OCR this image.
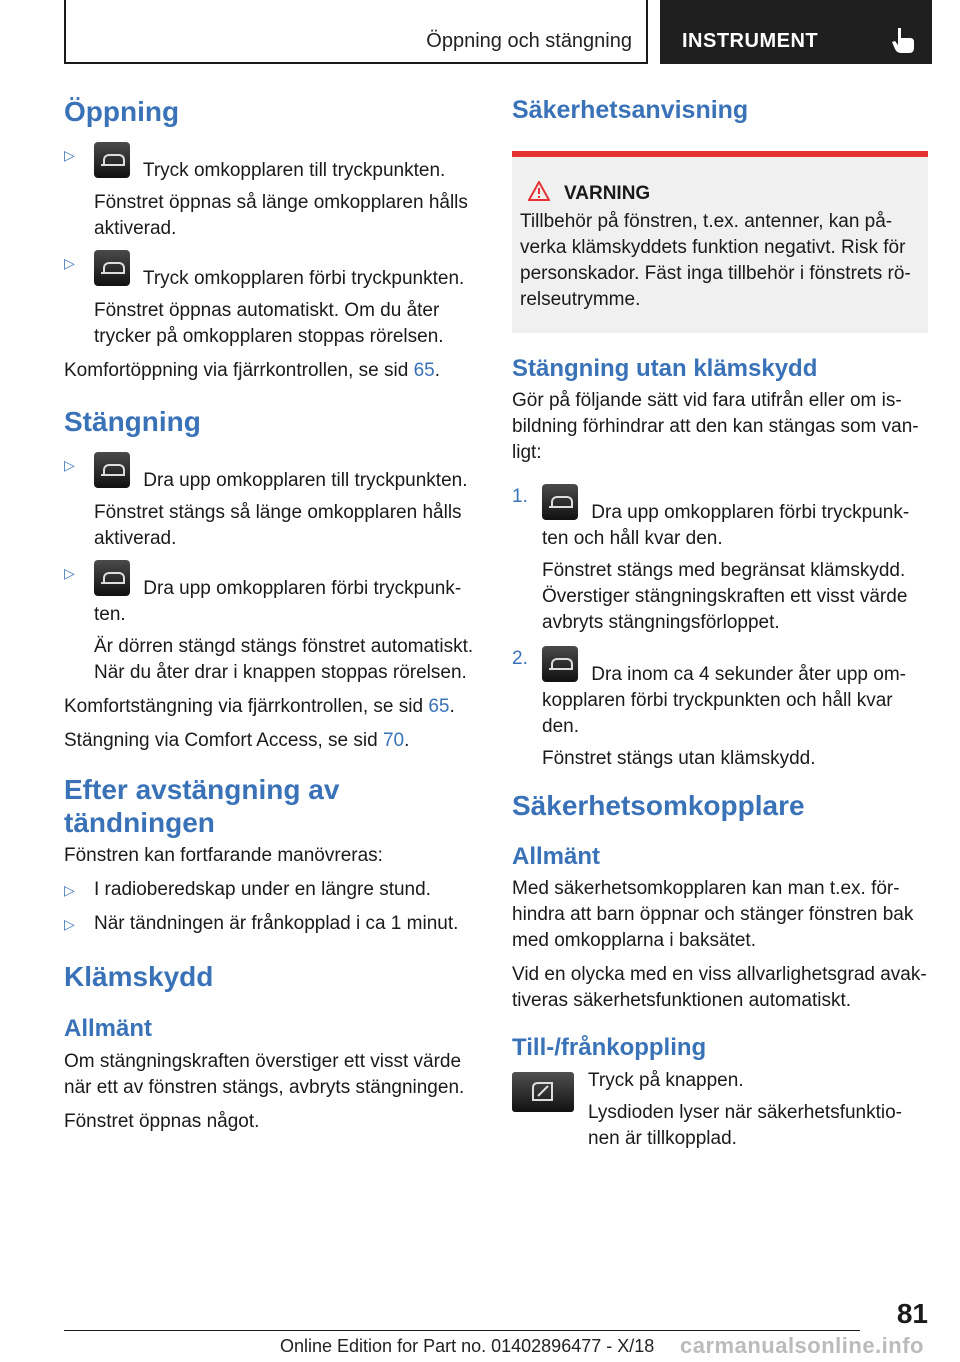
Öppning och stängning	INSTRUMENT
Öppning
▷

Tryck omkopplaren till tryckpunkten.

Fönstret öppnas så länge omkopplaren hålls aktiverad.

▷

Tryck omkopplaren förbi tryckpunkten.

Fönstret öppnas automatiskt. Om du åter trycker på omkopplaren stoppas rörelsen.

Komfortöppning via fjärrkontrollen, se sid 65.

Stängning
▷

Dra upp omkopplaren till tryckpunkten.

Fönstret stängs så länge omkopplaren hålls aktiverad.

▷

Dra upp omkopplaren förbi tryckpunk-ten.

Är dörren stängd stängs fönstret automatiskt. När du åter drar i knappen stoppas rörelsen.

Komfortstängning via fjärrkontrollen, se sid 65.

Stängning via Comfort Access, se sid 70.

Efter avstängning av tändningen

Fönstren kan fortfarande manövreras:

▷ I radioberedskap under en längre stund.

▷ När tändningen är frånkopplad i ca 1 minut.

Klämskydd
Allmänt

Om stängningskraften överstiger ett visst värde när ett av fönstren stängs, avbryts stängningen.

Fönstret öppnas något.

Säkerhetsanvisning
VARNING

Tillbehör på fönstren, t.ex. antenner, kan på-verka klämskyddets funktion negativt. Risk för personskador. Fäst inga tillbehör i fönstrets rö-relseutrymme.

Stängning utan klämskydd

Gör på följande sätt vid fara utifrån eller om is-bildning förhindrar att den kan stängas som van-ligt:

1.

Dra upp omkopplaren förbi tryckpunk-ten och håll kvar den.

Fönstret stängs med begränsat klämskydd. Överstiger stängningskraften ett visst värde avbryts stängningsförloppet.

2.

Dra inom ca 4 sekunder åter upp om-kopplaren förbi tryckpunkten och håll kvar den.

Fönstret stängs utan klämskydd.

Säkerhetsomkopplare
Allmänt

Med säkerhetsomkopplaren kan man t.ex. för-hindra att barn öppnar och stänger fönstren bak med omkopplarna i baksätet.

Vid en olycka med en viss allvarlighetsgrad avak-tiveras säkerhetsfunktionen automatiskt.

Till-/frånkoppling

Tryck på knappen.

Lysdioden lyser när säkerhetsfunktio-nen är tillkopplad.

81
Online Edition for Part no. 01402896477 - X/18 carmanualsonline.info
